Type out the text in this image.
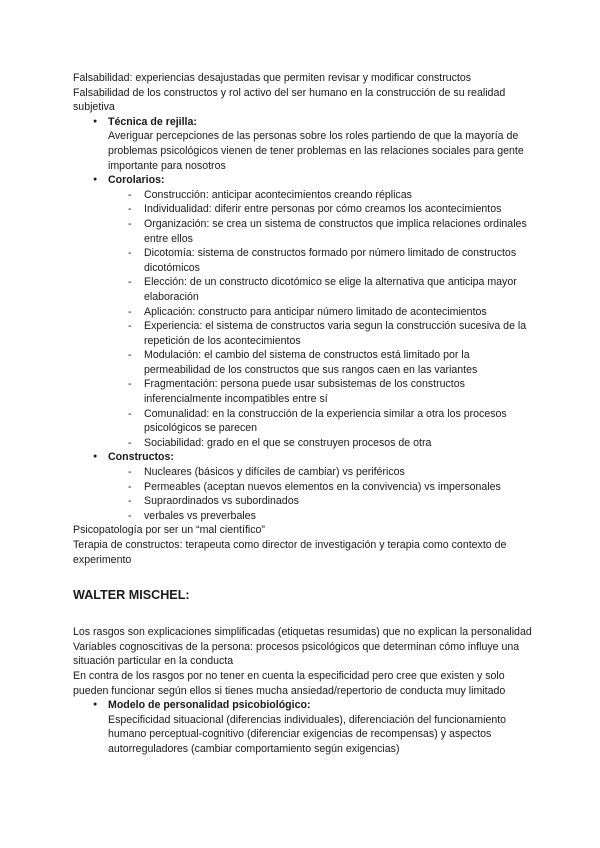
Falsabilidad: experiencias desajustadas que permiten revisar y modificar constructos

Falsabilidad de los constructos y rol activo del ser humano en la construcción de su realidad subjetiva

● Técnica de rejilla:

Averiguar percepciones de las personas sobre los roles partiendo de que la mayoría de problemas psicológicos vienen de tener problemas en las relaciones sociales para gente importante para nosotros

● Corolarios:
- Construcción: anticipar acontecimientos creando réplicas
- Individualidad: diferir entre personas por cómo creamos los acontecimientos
- Organización: se crea un sistema de constructos que implica relaciones ordinales entre ellos
- Dicotomía: sistema de constructos formado por número limitado de constructos dicotómicos
- Elección: de un constructo dicotómico se elige la alternativa que anticipa mayor elaboración
- Aplicación: constructo para anticipar número limitado de acontecimientos
- Experiencia: el sistema de constructos varia segun la construcción sucesiva de la repetición de los acontecimientos
- Modulación: el cambio del sistema de constructos está limitado por la permeabilidad de los constructos que sus rangos caen en las variantes
- Fragmentación: persona puede usar subsistemas de los constructos inferencialmente incompatibles entre sí
- Comunalidad: en la construcción de la experiencia similar a otra los procesos psicológicos se parecen
- Sociabilidad: grado en el que se construyen procesos de otra
● Constructos:
- Nucleares (básicos y difíciles de cambiar) vs periféricos
- Permeables (aceptan nuevos elementos en la convivencia) vs impersonales
- Supraordinados vs subordinados
- verbales vs preverbales

Psicopatología por ser un “mal científico”

Terapia de constructos: terapeuta como director de investigación y terapia como contexto de experimento

WALTER MISCHEL:

Los rasgos son explicaciones simplificadas (etiquetas resumidas) que no explican la personalidad

Variables cognoscitivas de la persona: procesos psicológicos que determinan cómo influye una situación particular en la conducta

En contra de los rasgos por no tener en cuenta la especificidad pero cree que existen y solo pueden funcionar según ellos si tienes mucha ansiedad/repertorio de conducta muy limitado

● Modelo de personalidad psicobiológico:

Especificidad situacional (diferencias individuales), diferenciación del funcionamiento humano perceptual-cognitivo (diferenciar exigencias de recompensas) y aspectos autorreguladores (cambiar comportamiento según exigencias)
